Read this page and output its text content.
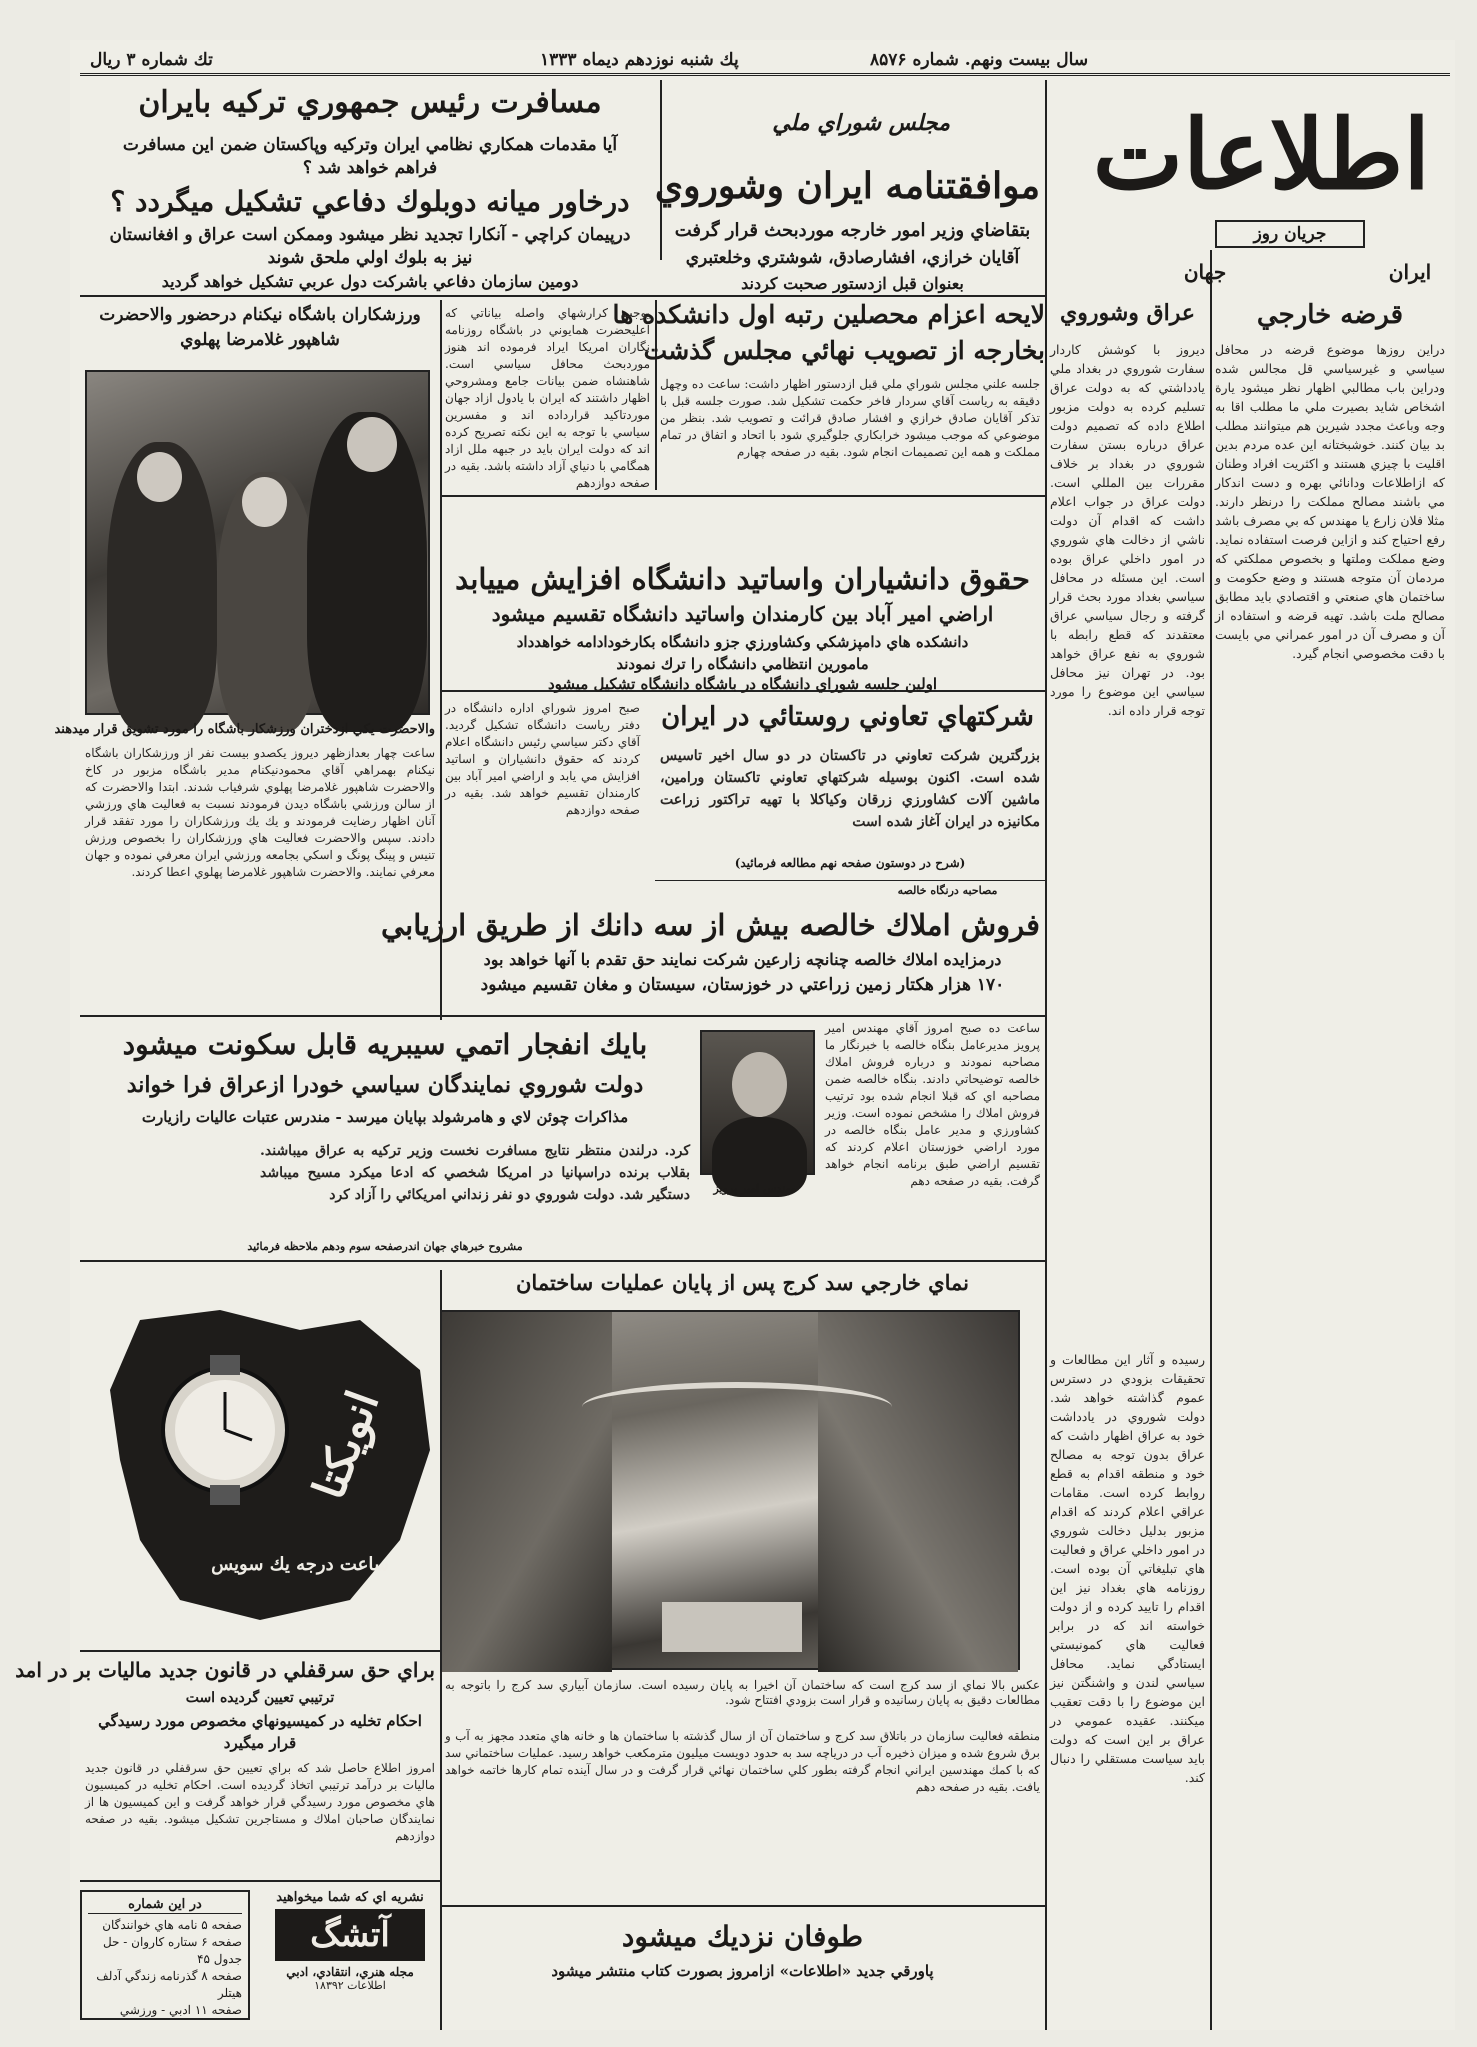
تك شماره ۳ ريال	پك شنبه نوزدهم ديماه ۱۳۳۳	سال بيست ونهم. شماره ۸۵۷۶
اطلاعات
جريان روز
ايران
جهان
قرضه خارجي

دراين روزها موضوع قرضه در محافل سياسي و غيرسياسي قل مجالس شده ودراين باب مطالبي اظهار نظر ميشود يارة اشخاص شايد بصيرت ملي ما مطلب اقا به وجه وباعث مجدد شيرين هم ميتوانند مطلب بد بيان كنند. خوشبختانه اين عده مردم بدين اقليت با چيزي هستند و اكثريت افراد وطنان كه ازاطلاعات ودانائي بهره و دست اندكار مي باشند مصالح مملكت را درنظر دارند. مثلا فلان زارع يا مهندس كه بي مصرف باشد رفع احتياج كند و ازاين فرصت استفاده نمايد. وضع مملكت وملتها و بخصوص مملكتي كه مردمان آن متوجه هستند و وضع حكومت و ساختمان هاي صنعتي و اقتصادي بايد مطابق مصالح ملت باشد. تهيه قرضه و استفاده از آن و مصرف آن در امور عمراني مي بايست با دقت مخصوصي انجام گيرد.

عراق وشوروي

ديروز با كوشش كاردار سفارت شوروي در بغداد ملي يادداشتي كه به دولت عراق تسليم كرده به دولت مزبور اطلاع داده كه تصميم دولت عراق درباره بستن سفارت شوروي در بغداد بر خلاف مقررات بين المللي است. دولت عراق در جواب اعلام داشت كه اقدام آن دولت ناشي از دخالت هاي شوروي در امور داخلي عراق بوده است. اين مسئله در محافل سياسي بغداد مورد بحث قرار گرفته و رجال سياسي عراق معتقدند كه قطع رابطه با شوروي به نفع عراق خواهد بود. در تهران نيز محافل سياسي اين موضوع را مورد توجه قرار داده اند.

رسيده و آثار اين مطالعات و تحقيقات بزودي در دسترس عموم گذاشته خواهد شد. دولت شوروي در يادداشت خود به عراق اظهار داشت كه عراق بدون توجه به مصالح خود و منطقه اقدام به قطع روابط كرده است. مقامات عراقي اعلام كردند كه اقدام مزبور بدليل دخالت شوروي در امور داخلي عراق و فعاليت هاي تبليغاتي آن بوده است. روزنامه هاي بغداد نيز اين اقدام را تاييد كرده و از دولت خواسته اند كه در برابر فعاليت هاي كمونيستي ايستادگي نمايد. محافل سياسي لندن و واشنگتن نيز اين موضوع را با دقت تعقيب ميكنند. عقيده عمومي در عراق بر اين است كه دولت بايد سياست مستقلي را دنبال كند.

مجلس شوراي ملي
موافقتنامه ايران وشوروي
بتقاضاي وزير امور خارجه موردبحث قرار گرفت
آقايان خرازي، افشارصادق، شوشتري وخلعتبري
بعنوان قبل ازدستور صحبت كردند
لايحه اعزام محصلين رتبه اول دانشكده ها
بخارجه از تصويب نهائي مجلس گذشت

جلسه علني مجلس شوراي ملي قبل ازدستور اظهار داشت: ساعت ده وچهل دقيقه به رياست آقاي سردار فاخر حكمت تشكيل شد. صورت جلسه قبل با تذكر آقايان صادق خرازي و افشار صادق قرائت و تصويب شد. بنظر من موضوعي كه موجب ميشود خرابكاري جلوگيري شود با اتحاد و اتفاق در تمام مملكت و همه اين تصميمات انجام شود. بقيه در صفحه چهارم

مسافرت رئيس جمهوري تركيه بايران
آيا مقدمات همكاري نظامي ايران وتركيه وپاكستان ضمن اين مسافرت
فراهم خواهد شد ؟
درخاور ميانه دوبلوك دفاعي تشكيل ميگردد ؟
درپيمان كراچي - آنكارا تجديد نظر ميشود وممكن است عراق و افغانستان
نيز به بلوك اولي ملحق شوند
دومين سازمان دفاعي باشركت دول عربي تشكيل خواهد گرديد

يوجب كرارشهاي واصله بياناتي كه اعليحضرت همايوني در باشگاه روزنامه نگاران امريكا ايراد فرموده اند هنوز موردبحث محافل سياسي است. شاهنشاه ضمن بيانات جامع ومشروحي اظهار داشتند كه ايران با يادول ازاد جهان موردتاكيد قرارداده اند و مفسرين سياسي با توجه به اين نكته تصريح كرده اند كه دولت ايران بايد در جبهه ملل ازاد همگامي با دنياي آزاد داشته باشد. بقيه در صفحه دوازدهم

ورزشكاران باشگاه نيكنام درحضور والاحضرت
شاهپور غلامرضا پهلوي
والاحضرت يكي ازدختران ورزشكار باشگاه را مورد تشويق قرار ميدهند

ساعت چهار بعدازظهر ديروز يكصدو بيست نفر از ورزشكاران باشگاه نيكنام بهمراهي آقاي محمودنيكنام مدير باشگاه مزبور در كاخ والاحضرت شاهپور غلامرضا پهلوي شرفياب شدند. ابتدا والاحضرت كه از سالن ورزشي باشگاه ديدن فرمودند نسبت به فعاليت هاي ورزشي آنان اظهار رضايت فرمودند و يك يك ورزشكاران را مورد تفقد قرار دادند. سپس والاحضرت فعاليت هاي ورزشكاران را بخصوص ورزش تنيس و پينگ پونگ و اسكي بجامعه ورزشي ايران معرفي نموده و جهان معرفي نمايند. والاحضرت شاهپور غلامرضا پهلوي اعطا كردند.

حقوق دانشياران واساتيد دانشگاه افزايش مييابد
اراضي امير آباد بين كارمندان واساتيد دانشگاه تقسيم ميشود
دانشكده هاي دامپزشكي وكشاورزي جزو دانشگاه بكارخودادامه خواهدداد
مامورين انتظامي دانشگاه را ترك نمودند
اولين جلسه شوراي دانشگاه در باشگاه دانشگاه تشكيل ميشود

صبح امروز شوراي اداره دانشگاه در دفتر رياست دانشگاه تشكيل گرديد. آقاي دكتر سياسي رئيس دانشگاه اعلام كردند كه حقوق دانشياران و اساتيد افزايش مي يابد و اراضي امير آباد بين كارمندان تقسيم خواهد شد. بقيه در صفحه دوازدهم

شركتهاي تعاوني روستائي در ايران

بزرگترين شركت تعاوني در تاكستان در دو سال اخير تاسيس شده است. اكنون بوسيله شركتهاي تعاوني تاكستان ورامين، ماشين آلات كشاورزي زرقان وكياكلا با تهيه تراكتور زراعت مكانيزه در ايران آغاز شده است

(شرح در دوستون صفحه نهم مطالعه فرمائيد)
مصاحبه درنگاه خالصه
فروش املاك خالصه بيش از سه دانك از طريق ارزيابي
درمزايده املاك خالصه چنانچه زارعين شركت نمايند حق تقدم با آنها خواهد بود
۱۷۰ هزار هكتار زمين زراعتي در خوزستان، سيستان و مغان تقسيم ميشود

ساعت ده صبح امروز آقاي مهندس امير پرويز مديرعامل بنگاه خالصه با خبرنگار ما مصاحبه نمودند و درباره فروش املاك خالصه توضيحاتي دادند. بنگاه خالصه ضمن مصاحبه اي كه قبلا انجام شده بود ترتيب فروش املاك را مشخص نموده است. وزير كشاورزي و مدير عامل بنگاه خالصه در مورد اراضي خوزستان اعلام كردند كه تقسيم اراضي طبق برنامه انجام خواهد گرفت. بقيه در صفحه دهم

مهندس امير پرويز
بايك انفجار اتمي سيبريه قابل سكونت ميشود
دولت شوروي نمايندگان سياسي خودرا ازعراق فرا خواند
مذاكرات چوئن لاي و هامرشولد بپايان ميرسد - مندرس عتبات عاليات رازيارت

كرد. درلندن منتظر نتايج مسافرت نخست وزير تركيه به عراق ميباشند. بقلاب برنده دراسپانيا در امريكا شخصي كه ادعا ميكرد مسيح ميباشد دستگير شد. دولت شوروي دو نفر زنداني امريكائي را آزاد كرد

مشروح خبرهاي جهان اندرصفحه سوم ودهم ملاحظه فرمائيد
نماي خارجي سد كرج پس از پايان عمليات ساختمان

عكس بالا نماي از سد كرج است كه ساختمان آن اخيرا به پايان رسيده است. سازمان آبياري سد كرج را باتوجه به مطالعات دقيق به پايان رسانيده و قرار است بزودي افتتاح شود.

منطقه فعاليت سازمان در باتلاق سد كرج و ساختمان آن از سال گذشته با ساختمان ها و خانه هاي متعدد مجهز به آب و برق شروع شده و ميزان ذخيره آب در درياچه سد به حدود دويست ميليون مترمكعب خواهد رسيد. عمليات ساختماني سد كه با كمك مهندسين ايراني انجام گرفته بطور كلي ساختمان نهائي قرار گرفت و در سال آينده تمام كارها خاتمه خواهد يافت. بقيه در صفحه دهم

انويكتا
ساعت درجه يك سويس
براي حق سرقفلي در قانون جديد ماليات بر در امد
ترتيبي تعيين گرديده است
احكام تخليه در كميسيونهاي مخصوص مورد رسيدگي
قرار ميگيرد

امروز اطلاع حاصل شد كه براي تعيين حق سرقفلي در قانون جديد ماليات بر درآمد ترتيبي اتخاذ گرديده است. احكام تخليه در كميسيون هاي مخصوص مورد رسيدگي قرار خواهد گرفت و اين كميسيون ها از نمايندگان صاحبان املاك و مستاجرين تشكيل ميشود. بقيه در صفحه دوازدهم

طوفان نزديك ميشود
پاورقي جديد «اطلاعات» ازامروز بصورت كتاب منتشر ميشود
در اين شماره
صفحه ۵ نامه هاي خوانندگان
صفحه ۶ ستاره كاروان - حل
جدول ۴۵
صفحه ۸ گذرنامه زندگي آدلف
هيتلر
صفحه ۱۱ ادبي - ورزشي
نشريه اي كه شما ميخواهيد
آتشگ
مجله هنري، انتقادي، ادبي
اطلاعات ۱۸۳۹۲
